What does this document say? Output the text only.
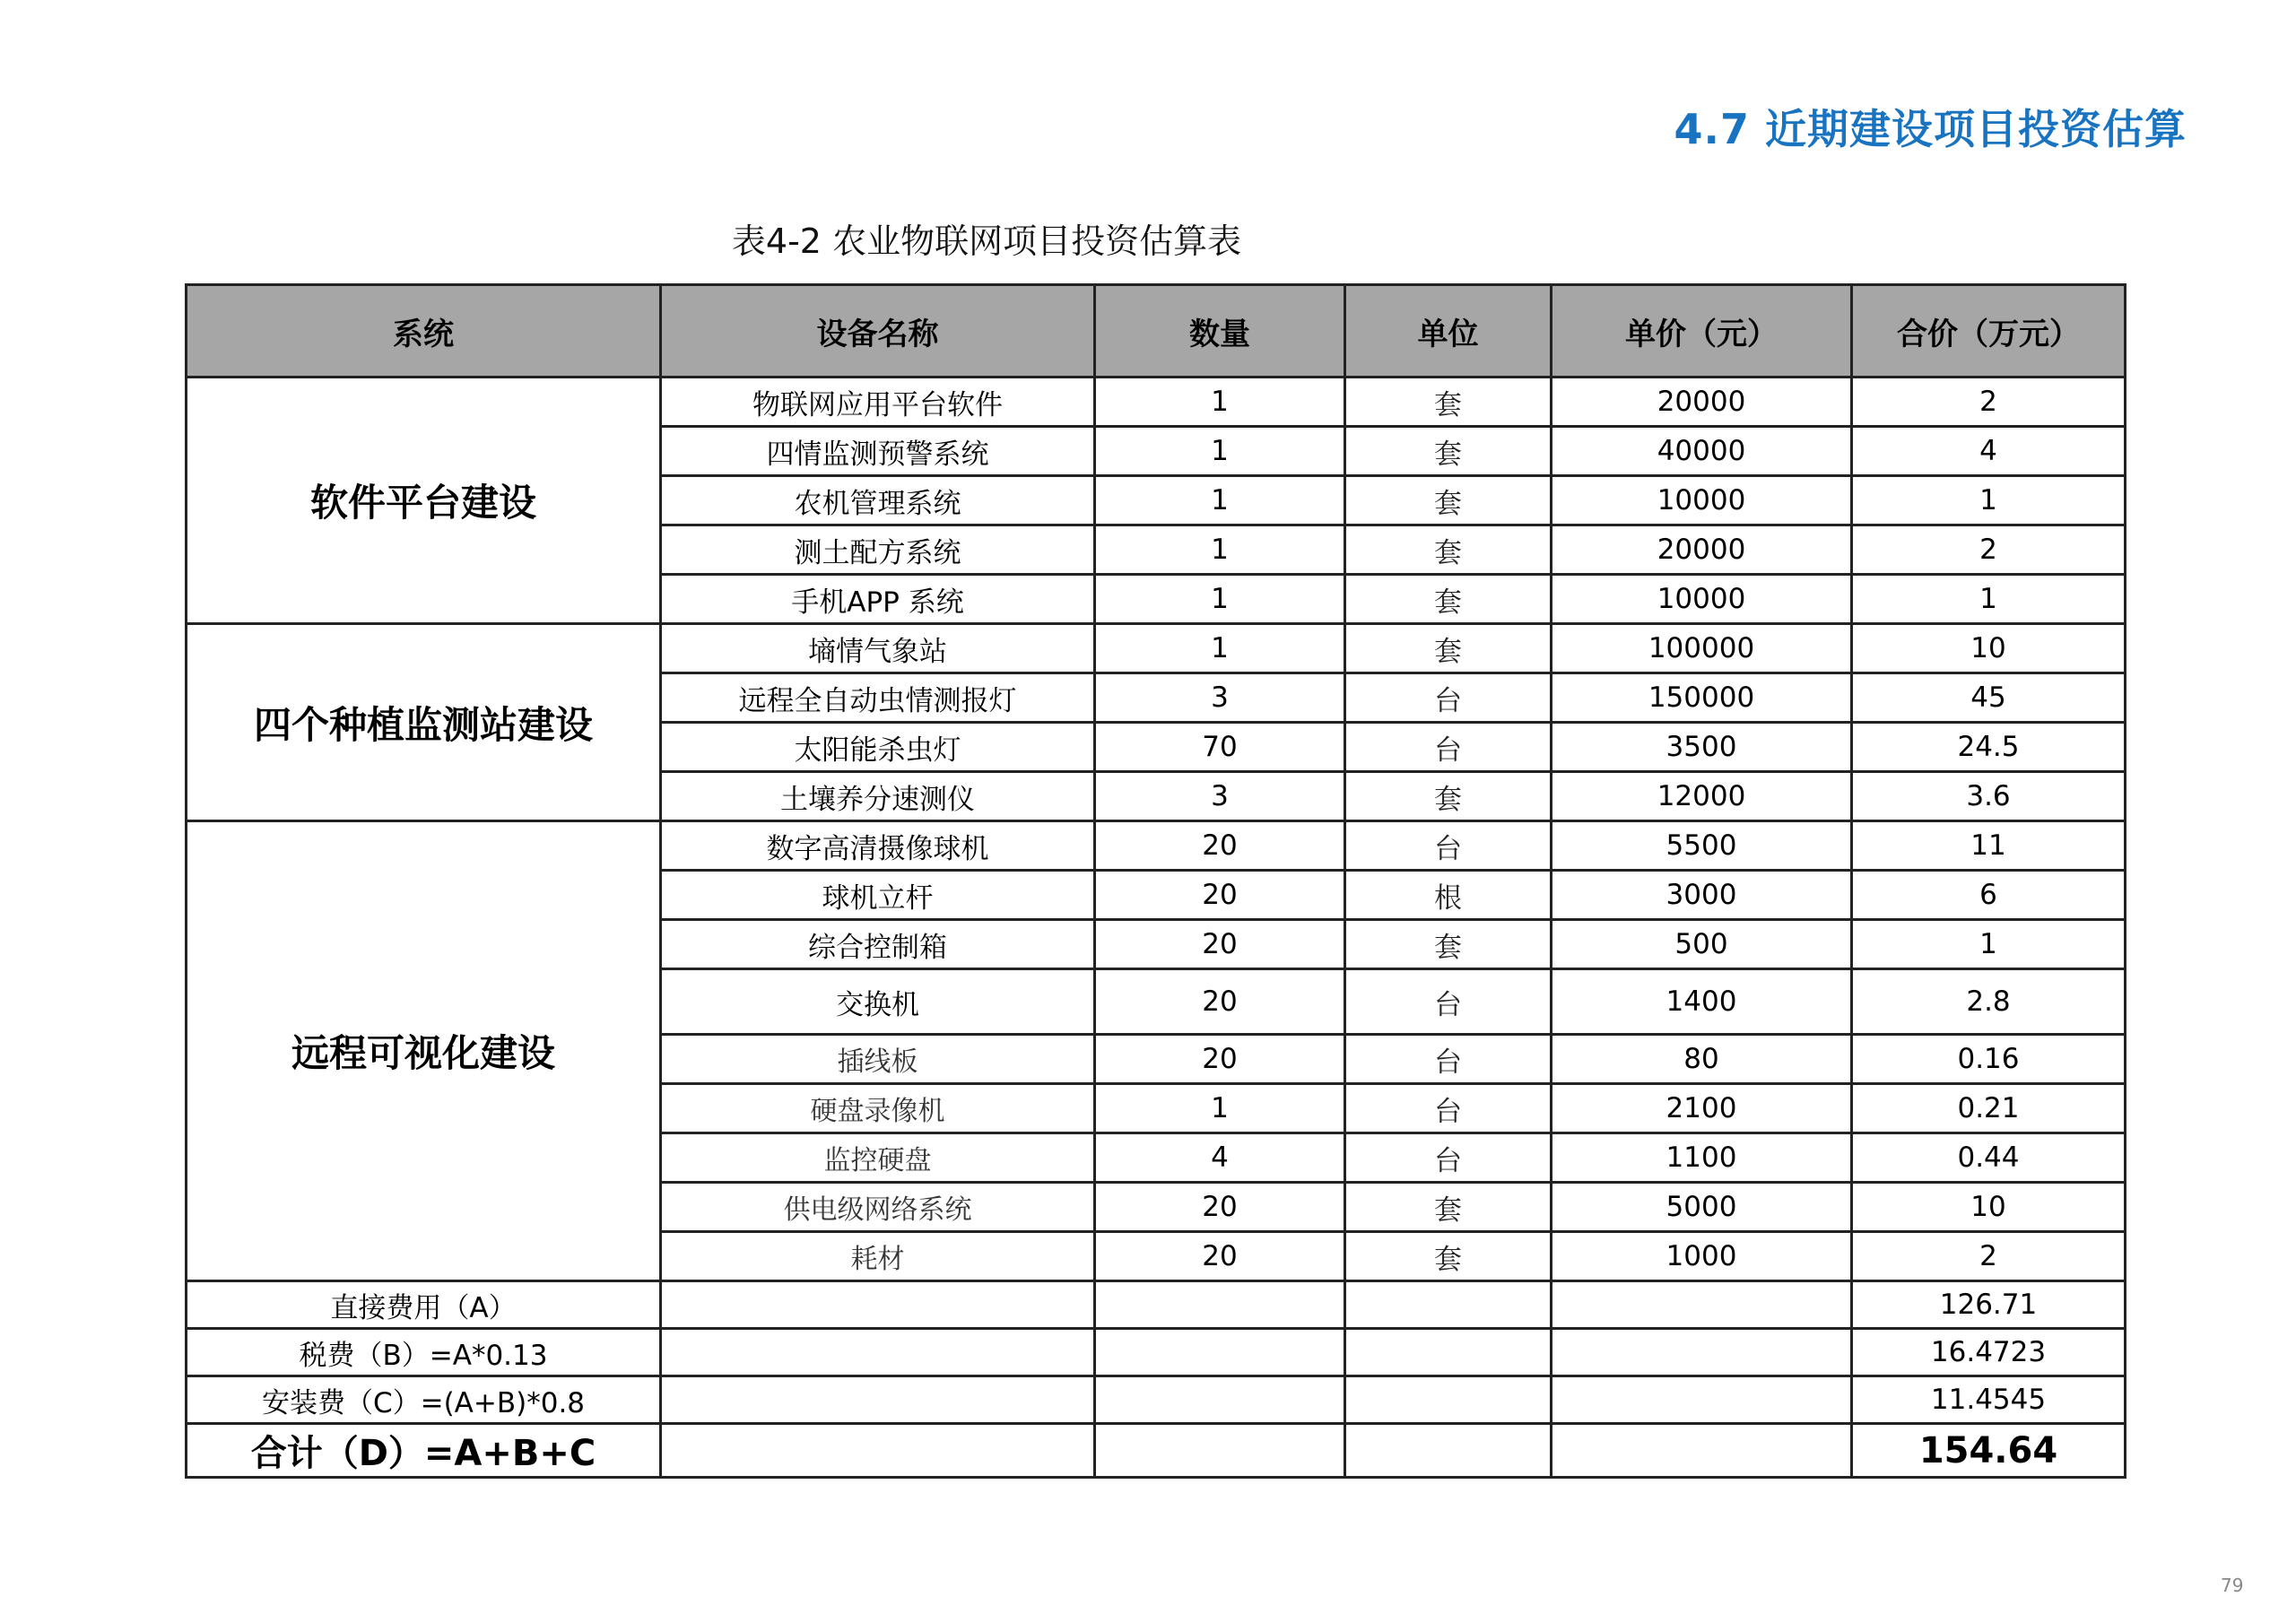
4.7 近期建设项目投资估算
表4-2 农业物联网项目投资估算表
系统	设备名称	数量	单位	单价（元）	合价（万元）
软件平台建设	物联网应用平台软件	1	套	20000	2
	四情监测预警系统	1	套	40000	4
	农机管理系统	1	套	10000	1
	测土配方系统	1	套	20000	2
	手机APP 系统	1	套	10000	1
四个种植监测站建设	墒情气象站	1	套	100000	10
	远程全自动虫情测报灯	3	台	150000	45
	太阳能杀虫灯	70	台	3500	24.5
	土壤养分速测仪	3	套	12000	3.6
远程可视化建设	数字高清摄像球机	20	台	5500	11
	球机立杆	20	根	3000	6
	综合控制箱	20	套	500	1
	交换机	20	台	1400	2.8
	插线板	20	台	80	0.16
	硬盘录像机	1	台	2100	0.21
	监控硬盘	4	台	1100	0.44
	供电级网络系统	20	套	5000	10
	耗材	20	套	1000	2
直接费用（A）					126.71
税费（B）=A*0.13					16.4723
安装费（C）=(A+B)*0.8					11.4545
合计（D）=A+B+C					154.64
79
